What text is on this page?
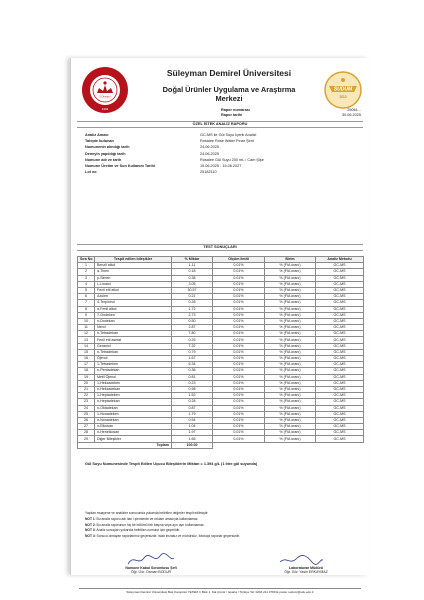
S.Demirel
1992
Süleyman Demirel Üniversitesi
Doğal Ürünler Uygulama ve Araştırma
Merkezi
SUDUM
2010
Rapor numarası	25061...
Rapor tarihi	30.06.2025
ÖZEL İSTEK ANALİZ RAPORU
Analiz Amacı	GC-MS ile Gül Suyu İçerik Analizi
Talepte bulunan	Rosalee Rose Water Pınar Şeni
Numunenin alındığı tarih	24.06.2025
Deneyin yapıldığı tarih	24.06.2025
Numune adı ve tarih	Rosalee Gül Suyu 200 mL / Cam Şişe
Numune Üretim ve Son Kullanım Tarihi	15.06.2025 - 15.06.2027
Lot no	25182110
TEST SONUÇLARI
Sıra No	Tespit edilen bileşikler	% Miktar	Ölçüm limiti	Birim	Analiz Metodu
1	Benzil alkol	1.11	0.01%	% (FIA oranı)	GC-MS
2	α-Tinen	0.18	0.01%	% (FIA oranı)	GC-MS
3	p-Simen	0.38	0.01%	% (FIA oranı)	GC-MS
4	L-Linalol	3.05	0.01%	% (FIA oranı)	GC-MS
5	Fenil etil alkol	30.57	0.01%	% (FIA oranı)	GC-MS
6	Azulen	0.21	0.01%	% (FIA oranı)	GC-MS
7	4-Terpineol	0.28	0.01%	% (FIA oranı)	GC-MS
8	α-Fenil alkol	1.72	0.01%	% (FIA oranı)	GC-MS
9	Ξ-Dodeken	2.73	0.01%	% (FIA oranı)	GC-MS
10	n-Dodekan	0.50	0.01%	% (FIA oranı)	GC-MS
11	Nerol	2.87	0.01%	% (FIA oranı)	GC-MS
12	n-Tetradekan	7.80	0.01%	% (FIA oranı)	GC-MS
13	Fenil etil asetat	0.25	0.01%	% (FIA oranı)	GC-MS
14	Geraniol	7.32	0.01%	% (FIA oranı)	GC-MS
15	n-Tetradekan	0.79	0.01%	% (FIA oranı)	GC-MS
16	Öjenol	1.67	0.01%	% (FIA oranı)	GC-MS
17	1-Tetradeken	6.34	0.01%	% (FIA oranı)	GC-MS
18	n-Pentadekan	0.36	0.01%	% (FIA oranı)	GC-MS
19	Metil Öjenol	0.81	0.01%	% (FIA oranı)	GC-MS
20	1-Hekzadeken	0.23	0.01%	% (FIA oranı)	GC-MS
21	n-Hekzadekan	0.98	0.01%	% (FIA oranı)	GC-MS
22	1-Heptadeken	1.52	0.01%	% (FIA oranı)	GC-MS
23	n-Heptadekan	0.28	0.01%	% (FIA oranı)	GC-MS
24	n-Oktadekan	0.87	0.01%	% (FIA oranı)	GC-MS
25	1-Nonadeken	1.79	0.01%	% (FIA oranı)	GC-MS
26	n-Nonadekan	0.54	0.01%	% (FIA oranı)	GC-MS
27	n-Eikosan	1.04	0.01%	% (FIA oranı)	GC-MS
28	n-Heneikosan	1.97	0.01%	% (FIA oranı)	GC-MS
29	Diğer Bileşikler	1.65	0.01%	% (FIA oranı)	GC-MS
Toplam		100.00			
Gül Suyu Numunesinde Tespit Edilen Uçucu Bileşiklerin Miktarı = 1.394 g/L (1 litre gül suyunda)
Yapılan muayene ve analizler sonucunda yukarıda belirtilen değerler tespit edilmiştir.
NOT 1: Bu analiz raporu adı ilan i şlemlerde ve reklam amacıyla kullanılamaz.
NOT 2: Bu analiz raporunun hiç bir bölümü tek başına veya ayrı ayrı kullanılamaz.
NOT 3: Analiz sonuçları yukarıda belirtilen numune için geçerlidir.
NOT 4: Sonucu olmayan raporlarımız geçersizdir. Islak imzasız ve mühürsüz, fotokopi raporlar geçersizdir.
Numune Kabul Sorumlusu Şefi
Öğr. Gör. Osman BODUR
Laboratuvar Müdürü
Öğr. Gör. Yasin ERKAYMAZ
Süleyman Demirel Üniversitesi Batı Kampüsü YETEM C Blok 1. Kat Çünür / Isparta / Türkiye Tel: 0246 211 3799 E-posta: sudum@sdu.edu.tr
